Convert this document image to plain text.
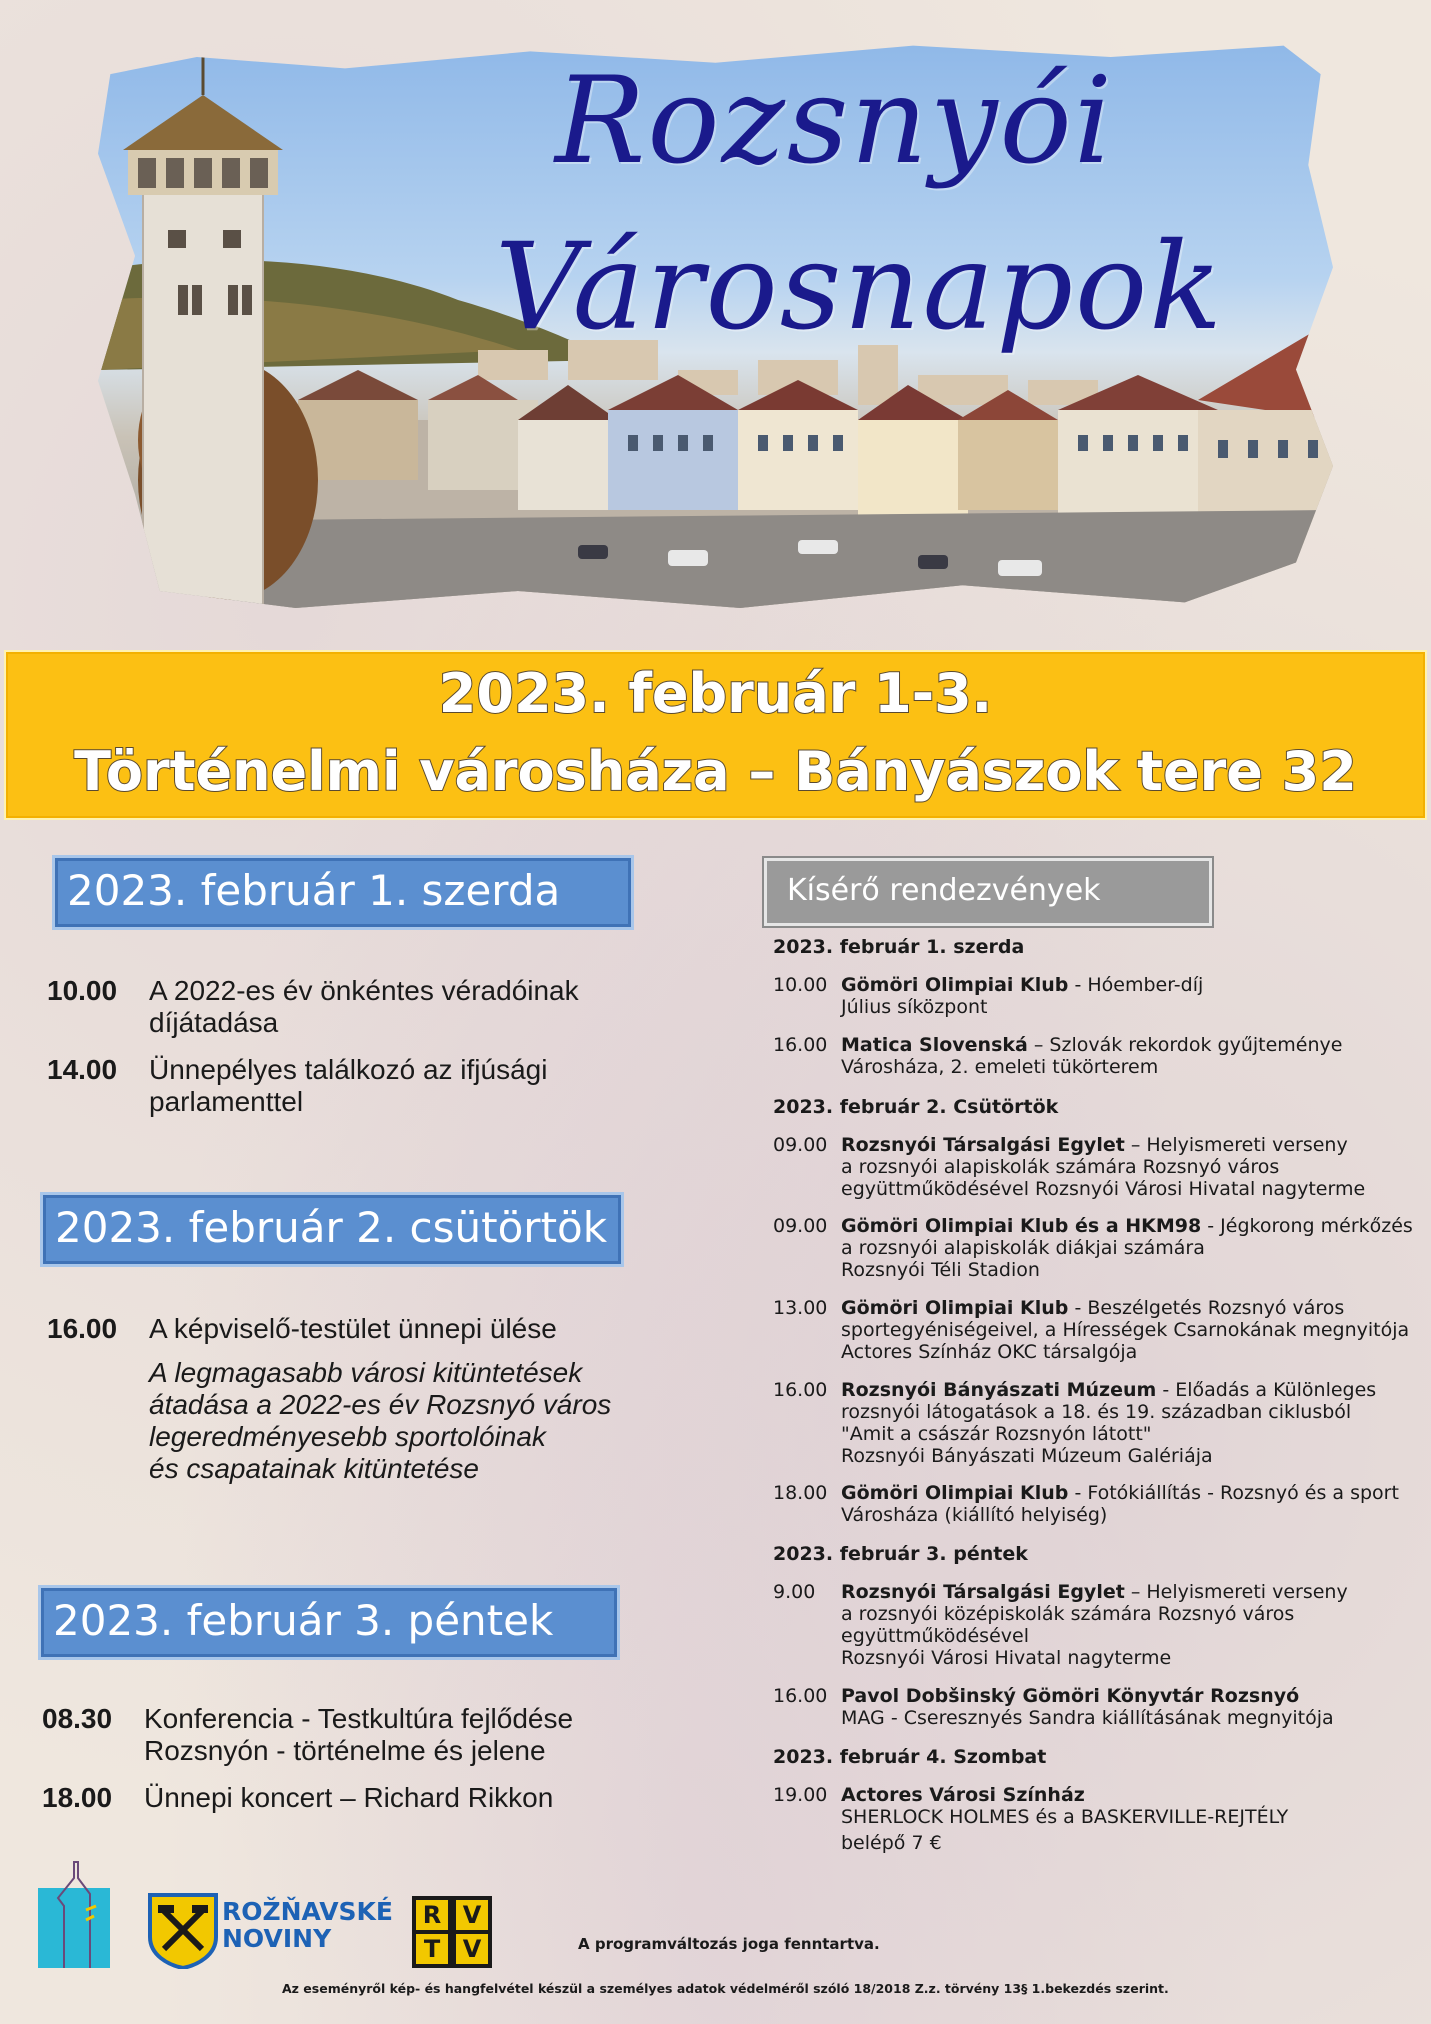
Rozsnyói
Városnapok
2023. február 1-3.
Történelmi városháza – Bányászok tere 32
2023. február 1. szerda
10.00 A 2022-es év önkéntes véradóinak
díjátadása
14.00 Ünnepélyes találkozó az ifjúsági
parlamenttel
2023. február 2. csütörtök
16.00 A képviselő-testület ünnepi ülése
A legmagasabb városi kitüntetések
átadása a 2022-es év Rozsnyó város
legeredményesebb sportolóinak
és csapatainak kitüntetése
2023. február 3. péntek
08.30 Konferencia - Testkultúra fejlődése
Rozsnyón - történelme és jelene
18.00 Ünnepi koncert – Richard Rikkon
Kísérő rendezvények
2023. február 1. szerda
10.00 Gömöri Olimpiai Klub - Hóember-díj
Július síközpont
16.00 Matica Slovenská – Szlovák rekordok gyűjteménye
Városháza, 2. emeleti tükörterem
2023. február 2. Csütörtök
09.00 Rozsnyói Társalgási Egylet – Helyismereti verseny
a rozsnyói alapiskolák számára Rozsnyó város
együttműködésével Rozsnyói Városi Hivatal nagyterme
09.00 Gömöri Olimpiai Klub és a HKM98 - Jégkorong mérkőzés
a rozsnyói alapiskolák diákjai számára
Rozsnyói Téli Stadion
13.00 Gömöri Olimpiai Klub - Beszélgetés Rozsnyó város
sportegyéniségeivel, a Hírességek Csarnokának megnyitója
Actores Színház OKC társalgója
16.00 Rozsnyói Bányászati Múzeum - Előadás a Különleges
rozsnyói látogatások a 18. és 19. században ciklusból
"Amit a császár Rozsnyón látott"
Rozsnyói Bányászati Múzeum Galériája
18.00 Gömöri Olimpiai Klub - Fotókiállítás - Rozsnyó és a sport
Városháza (kiállító helyiség)
2023. február 3. péntek
9.00 Rozsnyói Társalgási Egylet – Helyismereti verseny
a rozsnyói középiskolák számára Rozsnyó város
együttműködésével
Rozsnyói Városi Hivatal nagyterme
16.00 Pavol Dobšinský Gömöri Könyvtár Rozsnyó
MAG - Cseresznyés Sandra kiállításának megnyitója
2023. február 4. Szombat
19.00 Actores Városi Színház
SHERLOCK HOLMES és a BASKERVILLE-REJTÉLY
belépő 7 €
ROŽŇAVSKÉ
NOVINY
R V
T V	A programváltozás joga fenntartva.
Az eseményről kép- és hangfelvétel készül a személyes adatok védelméről szóló 18/2018 Z.z. törvény 13§ 1.bekezdés szerint.
